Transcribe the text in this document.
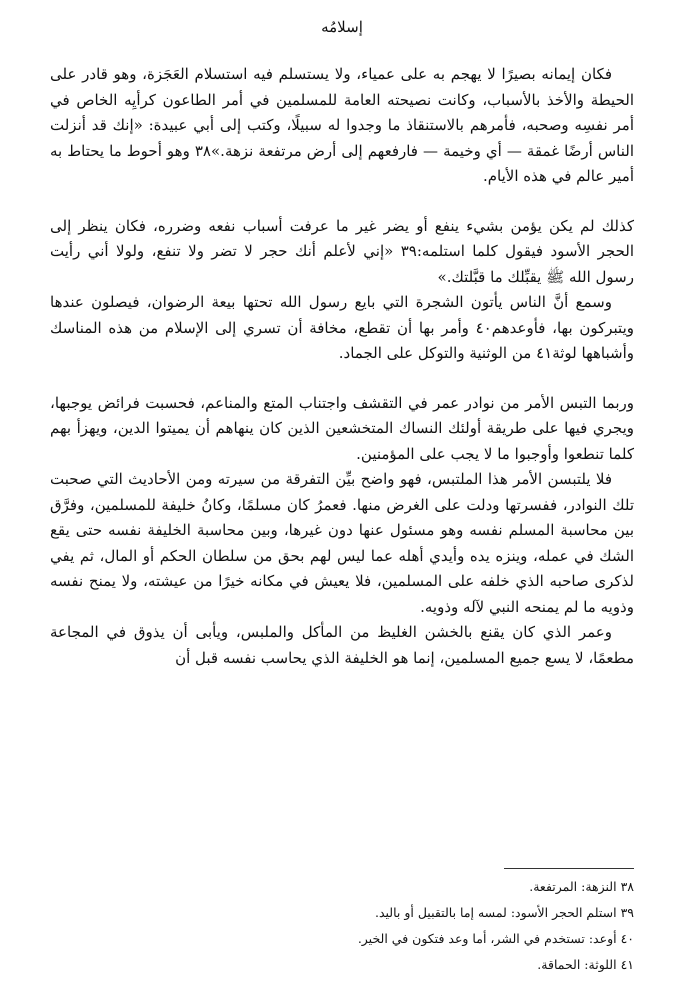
إسلامُه

فكان إيمانه بصيرًا لا يهجم به على عمياء، ولا يستسلم فيه استسلام العَجَزة، وهو قادر على الحيطة والأخذ بالأسباب، وكانت نصيحته العامة للمسلمين في أمر الطاعون كرأيِه الخاص في أمر نفسِه وصحبه، فأمرهم بالاستنقاذ ما وجدوا له سبيلًا، وكتب إلى أبي عبيدة: «إنك قد أنزلت الناس أرضًا غمقة — أي وخيمة — فارفعهم إلى أرض مرتفعة نزهة.»٣٨ وهو أحوط ما يحتاط به أمير عالم في هذه الأيام.

كذلك لم يكن يؤمن بشيء ينفع أو يضر غير ما عرفت أسباب نفعه وضرره، فكان ينظر إلى الحجر الأسود فيقول كلما استلمه:٣٩ «إني لأعلم أنك حجر لا تضر ولا تنفع، ولولا أني رأيت رسول الله ﷺ يقبِّلك ما قبَّلتك.»

وسمع أنَّ الناس يأتون الشجرة التي بايع رسول الله تحتها بيعة الرضوان، فيصلون عندها ويتبركون بها، فأوعدهم٤٠ وأمر بها أن تقطع، مخافة أن تسري إلى الإسلام من هذه المناسك وأشباهها لوثة٤١ من الوثنية والتوكل على الجماد.

وربما التبس الأمر من نوادر عمر في التقشف واجتناب المتع والمناعم، فحسبت فرائض يوجبها، ويجري فيها على طريقة أولئك النساك المتخشعين الذين كان ينهاهم أن يميتوا الدين، ويهزأ بهم كلما تنطعوا وأوجبوا ما لا يجب على المؤمنين.

فلا يلتبسن الأمر هذا الملتبس، فهو واضح بيِّن التفرقة من سيرته ومن الأحاديث التي صحبت تلك النوادر، ففسرتها ودلت على الغرض منها. فعمرُ كان مسلمًا، وكانُ خليفة للمسلمين، وفرَّق بين محاسبة المسلم نفسه وهو مسئول عنها دون غيرها، وبين محاسبة الخليفة نفسه حتى يقع الشك في عمله، وينزه يده وأيدي أهله عما ليس لهم بحق من سلطان الحكم أو المال، ثم يفي لذكرى صاحبه الذي خلفه على المسلمين، فلا يعيش في مكانه خيرًا من عيشته، ولا يمنح نفسه وذويه ما لم يمنحه النبي لآله وذويه.

وعمر الذي كان يقنع بالخشن الغليظ من المأكل والملبس، ويأبى أن يذوق في المجاعة مطعمًا، لا يسع جميع المسلمين، إنما هو الخليفة الذي يحاسب نفسه قبل أن

٣٨ النزهة: المرتفعة.

٣٩ استلم الحجر الأسود: لمسه إما بالتقبيل أو باليد.

٤٠ أوعد: تستخدم في الشر، أما وعد فتكون في الخير.

٤١ اللوثة: الحماقة.
